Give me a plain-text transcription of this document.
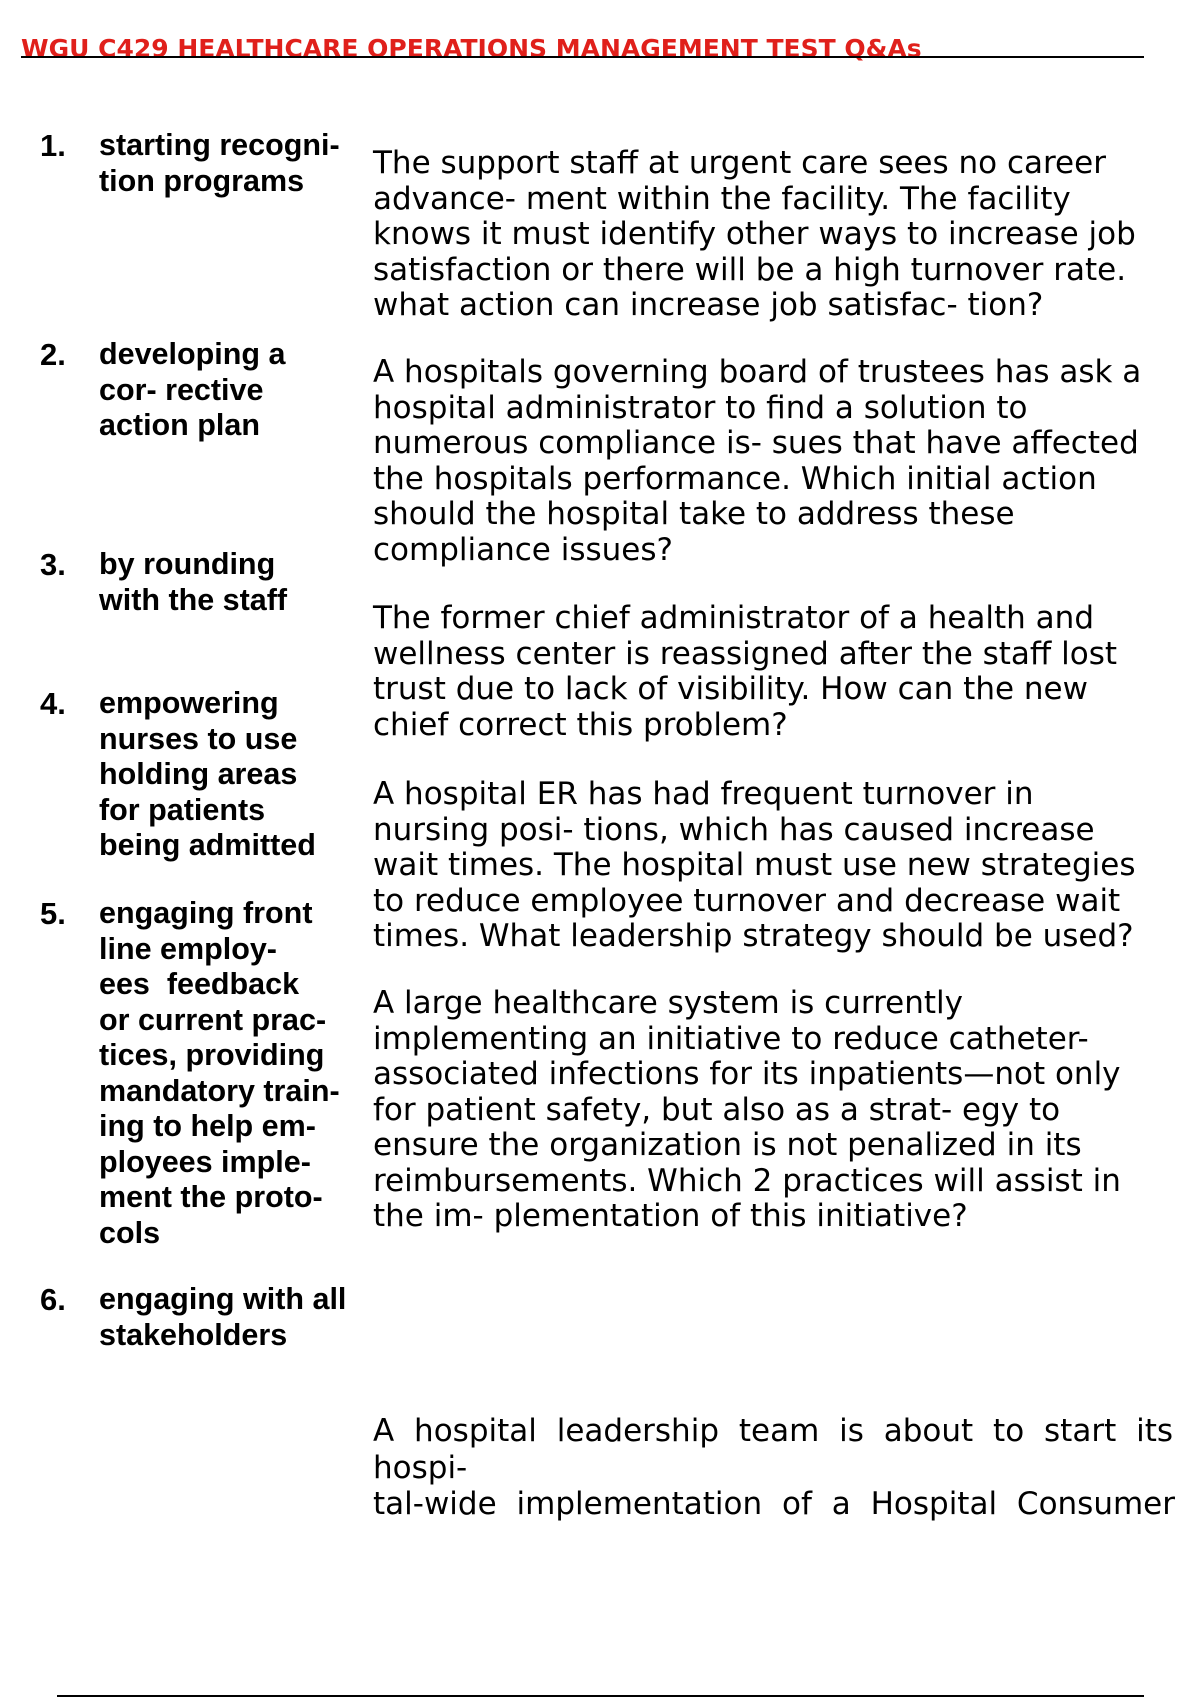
WGU C429 HEALTHCARE OPERATIONS MANAGEMENT TEST Q&As
1.	starting recogni-
tion programs
2.	developing a
cor- rective
action plan
3.	by rounding
with the staff
4.	empowering
nurses to use
holding areas
for patients
being admitted
5.	engaging front
line employ-
ees  feedback
or current prac-
tices, providing
mandatory train-
ing to help em-
ployees imple-
ment the proto-
cols
6.	engaging with all
stakeholders
The support staff at urgent care sees no career
advance- ment within the facility. The facility
knows it must identify other ways to increase job
satisfaction or there will be a high turnover rate.
what action can increase job satisfac- tion?
A hospitals governing board of trustees has ask a
hospital administrator to find a solution to
numerous compliance is- sues that have affected
the hospitals performance. Which initial action
should the hospital take to address these
compliance issues?
The former chief administrator of a health and
wellness center is reassigned after the staff lost
trust due to lack of visibility. How can the new
chief correct this problem?
A hospital ER has had frequent turnover in
nursing posi- tions, which has caused increase
wait times. The hospital must use new strategies
to reduce employee turnover and decrease wait
times. What leadership strategy should be used?
A large healthcare system is currently
implementing an initiative to reduce catheter-
associated infections for its inpatients—not only
for patient safety, but also as a strat- egy to
ensure the organization is not penalized in its
reimbursements. Which 2 practices will assist in
the im- plementation of this initiative?
A hospital leadership team is about to start its
hospi-
tal-wide implementation of a Hospital Consumer
